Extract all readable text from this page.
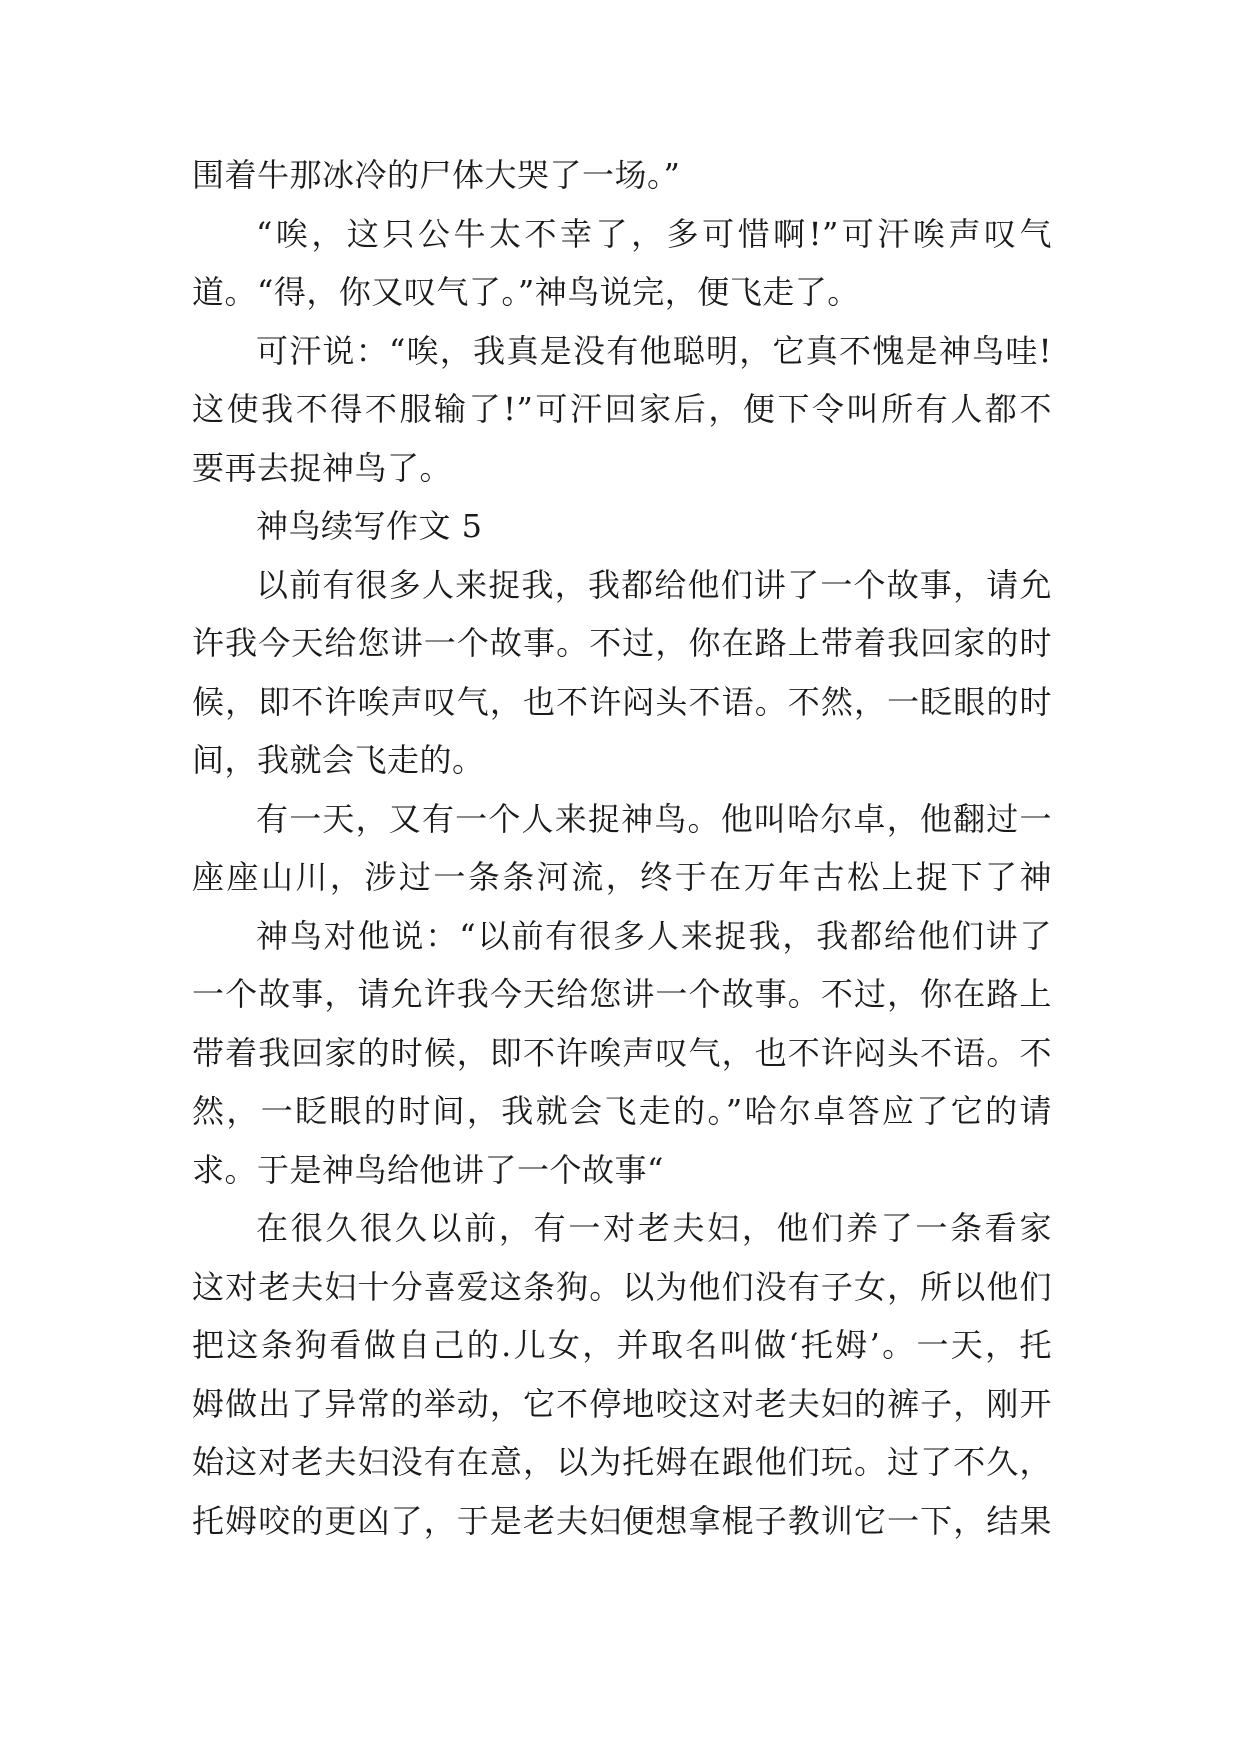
围着牛那冰冷的尸体大哭了一场。”
“唉，这只公牛太不幸了，多可惜啊!”可汗唉声叹气
道。“得，你又叹气了。”神鸟说完，便飞走了。
可汗说：“唉，我真是没有他聪明，它真不愧是神鸟哇!
这使我不得不服输了!”可汗回家后，便下令叫所有人都不
要再去捉神鸟了。
神鸟续写作文 5
以前有很多人来捉我，我都给他们讲了一个故事，请允
许我今天给您讲一个故事。不过，你在路上带着我回家的时
候，即不许唉声叹气，也不许闷头不语。不然，一眨眼的时
间，我就会飞走的。
有一天，又有一个人来捉神鸟。他叫哈尔卓，他翻过一
座座山川，涉过一条条河流，终于在万年古松上捉下了神
神鸟对他说：“以前有很多人来捉我，我都给他们讲了
一个故事，请允许我今天给您讲一个故事。不过，你在路上
带着我回家的时候，即不许唉声叹气，也不许闷头不语。不
然，一眨眼的时间，我就会飞走的。”哈尔卓答应了它的请
求。于是神鸟给他讲了一个故事“
在很久很久以前，有一对老夫妇，他们养了一条看家
这对老夫妇十分喜爱这条狗。以为他们没有子女，所以他们
把这条狗看做自己的.儿女，并取名叫做‘托姆’。一天，托
姆做出了异常的举动，它不停地咬这对老夫妇的裤子，刚开
始这对老夫妇没有在意，以为托姆在跟他们玩。过了不久，
托姆咬的更凶了，于是老夫妇便想拿棍子教训它一下，结果
